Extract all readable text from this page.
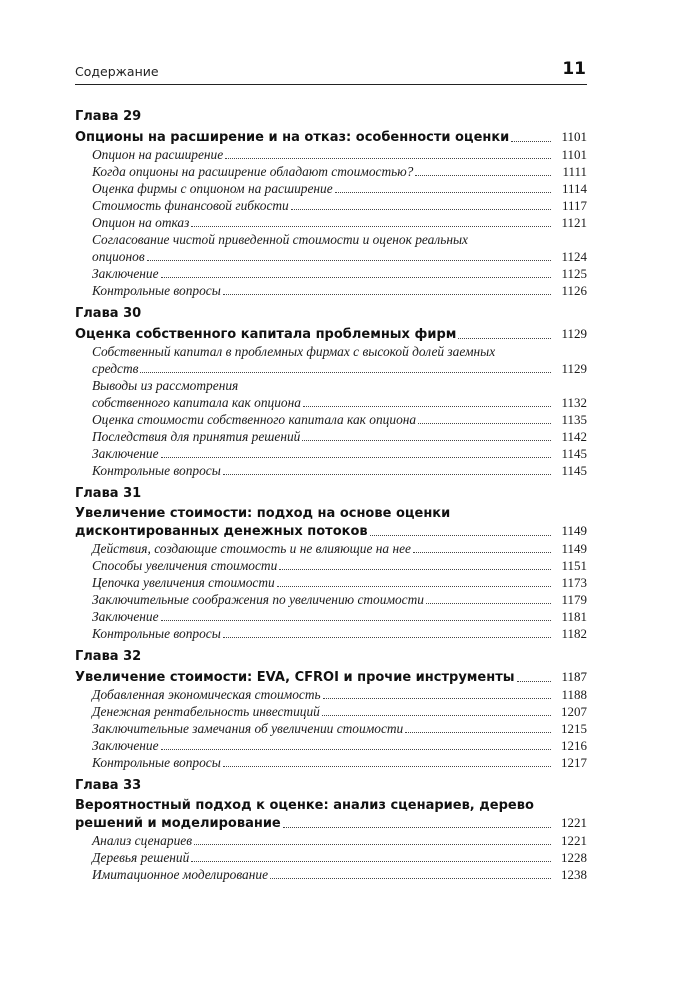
Содержание	11
Глава 29
Опционы на расширение и на отказ: особенности оценки	1101
Опцион на расширение	1101
Когда опционы на расширение обладают стоимостью?	1111
Оценка фирмы с опционом на расширение	1114
Стоимость финансовой гибкости	1117
Опцион на отказ	1121
Согласование чистой приведенной стоимости и оценок реальных
опционов	1124
Заключение	1125
Контрольные вопросы	1126
Глава 30
Оценка собственного капитала проблемных фирм	1129
Собственный капитал в проблемных фирмах с высокой долей заемных
средств	1129
Выводы из рассмотрения
собственного капитала как опциона	1132
Оценка стоимости собственного капитала как опциона	1135
Последствия для принятия решений	1142
Заключение	1145
Контрольные вопросы	1145
Глава 31
Увеличение стоимости: подход на основе оценки
дисконтированных денежных потоков	1149
Действия, создающие стоимость и не влияющие на нее	1149
Способы увеличения стоимости	1151
Цепочка увеличения стоимости	1173
Заключительные соображения по увеличению стоимости	1179
Заключение	1181
Контрольные вопросы	1182
Глава 32
Увеличение стоимости: EVA, CFROI и прочие инструменты	1187
Добавленная экономическая стоимость	1188
Денежная рентабельность инвестиций	1207
Заключительные замечания об увеличении стоимости	1215
Заключение	1216
Контрольные вопросы	1217
Глава 33
Вероятностный подход к оценке: анализ сценариев, дерево
решений и моделирование	1221
Анализ сценариев	1221
Деревья решений	1228
Имитационное моделирование	1238
